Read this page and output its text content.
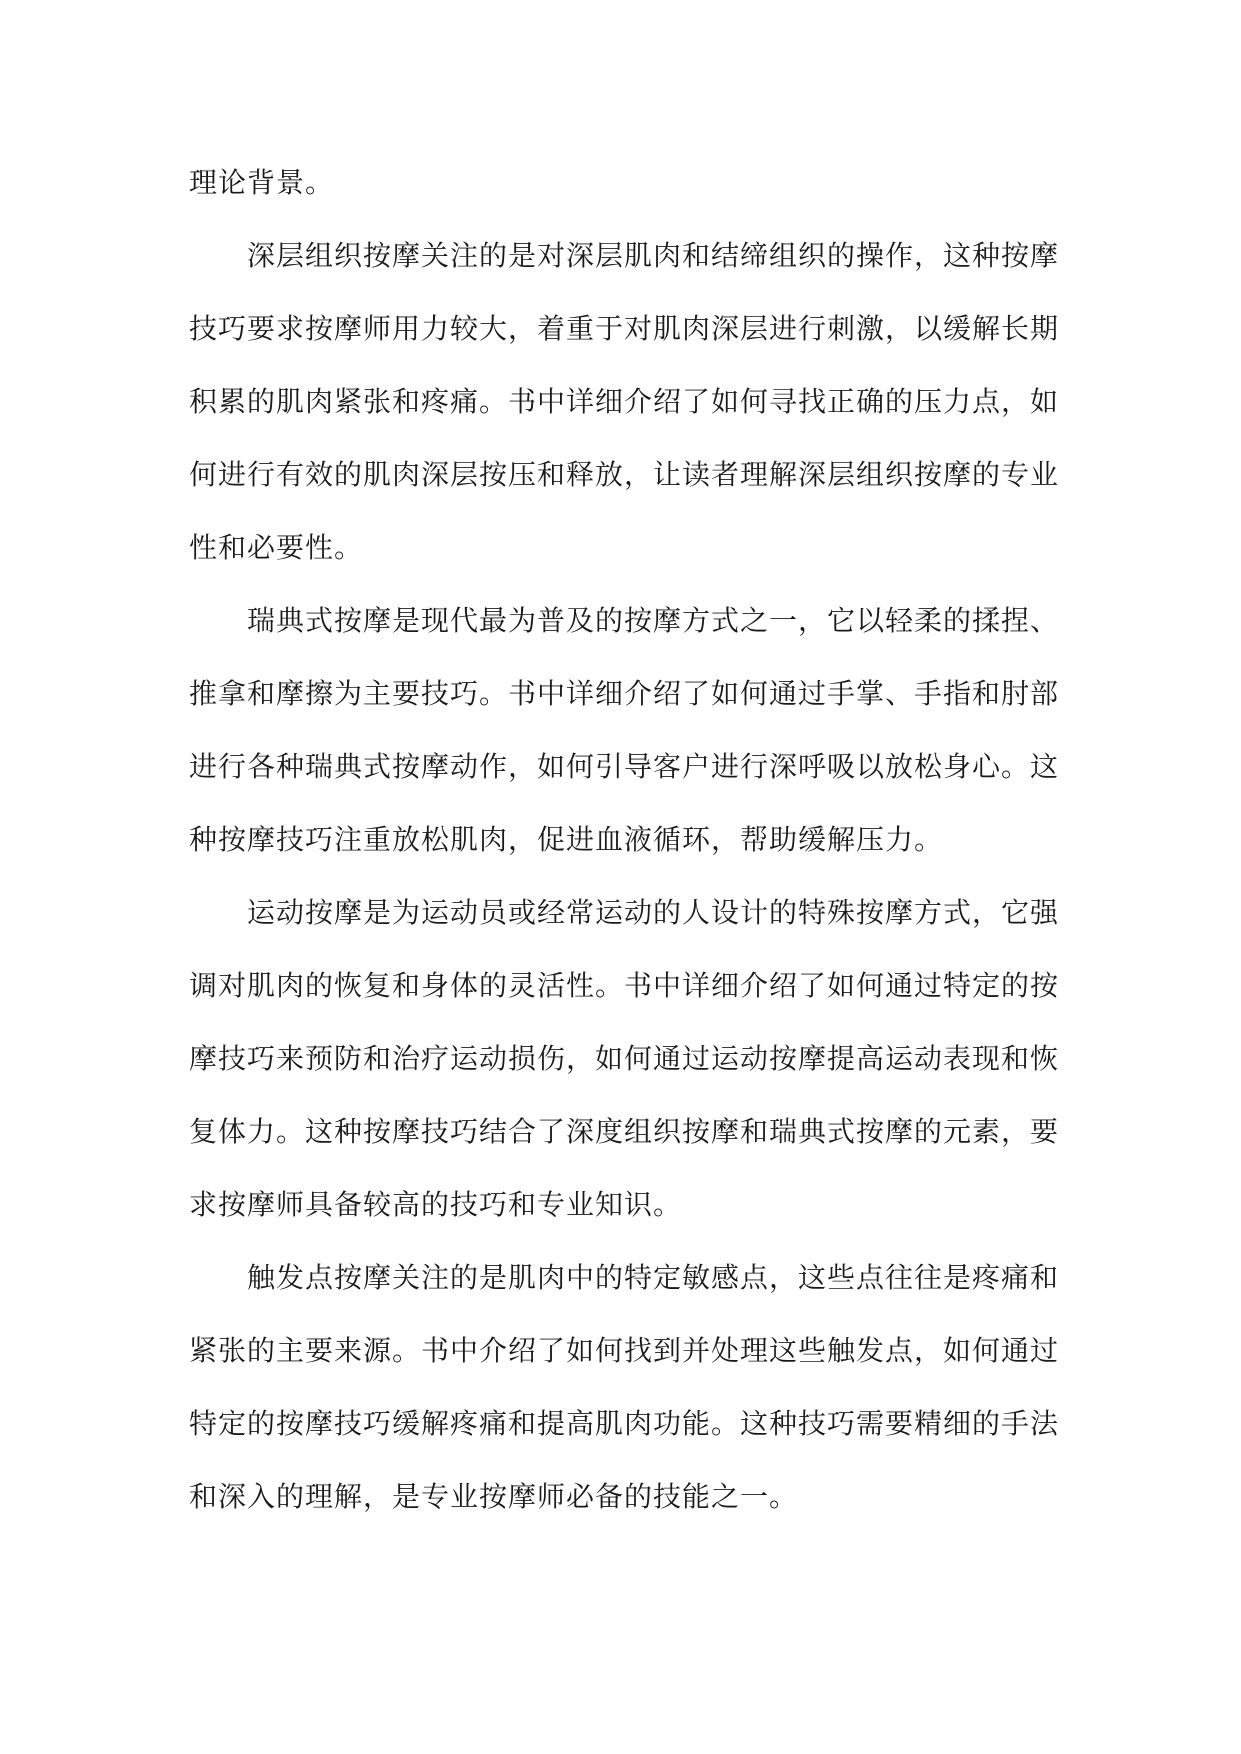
理论背景。

深层组织按摩关注的是对深层肌肉和结缔组织的操作，这种按摩技巧要求按摩师用力较大，着重于对肌肉深层进行刺激，以缓解长期积累的肌肉紧张和疼痛。书中详细介绍了如何寻找正确的压力点，如何进行有效的肌肉深层按压和释放，让读者理解深层组织按摩的专业性和必要性。

瑞典式按摩是现代最为普及的按摩方式之一，它以轻柔的揉捏、推拿和摩擦为主要技巧。书中详细介绍了如何通过手掌、手指和肘部进行各种瑞典式按摩动作，如何引导客户进行深呼吸以放松身心。这种按摩技巧注重放松肌肉，促进血液循环，帮助缓解压力。

运动按摩是为运动员或经常运动的人设计的特殊按摩方式，它强调对肌肉的恢复和身体的灵活性。书中详细介绍了如何通过特定的按摩技巧来预防和治疗运动损伤，如何通过运动按摩提高运动表现和恢复体力。这种按摩技巧结合了深度组织按摩和瑞典式按摩的元素，要求按摩师具备较高的技巧和专业知识。

触发点按摩关注的是肌肉中的特定敏感点，这些点往往是疼痛和紧张的主要来源。书中介绍了如何找到并处理这些触发点，如何通过特定的按摩技巧缓解疼痛和提高肌肉功能。这种技巧需要精细的手法和深入的理解，是专业按摩师必备的技能之一。
